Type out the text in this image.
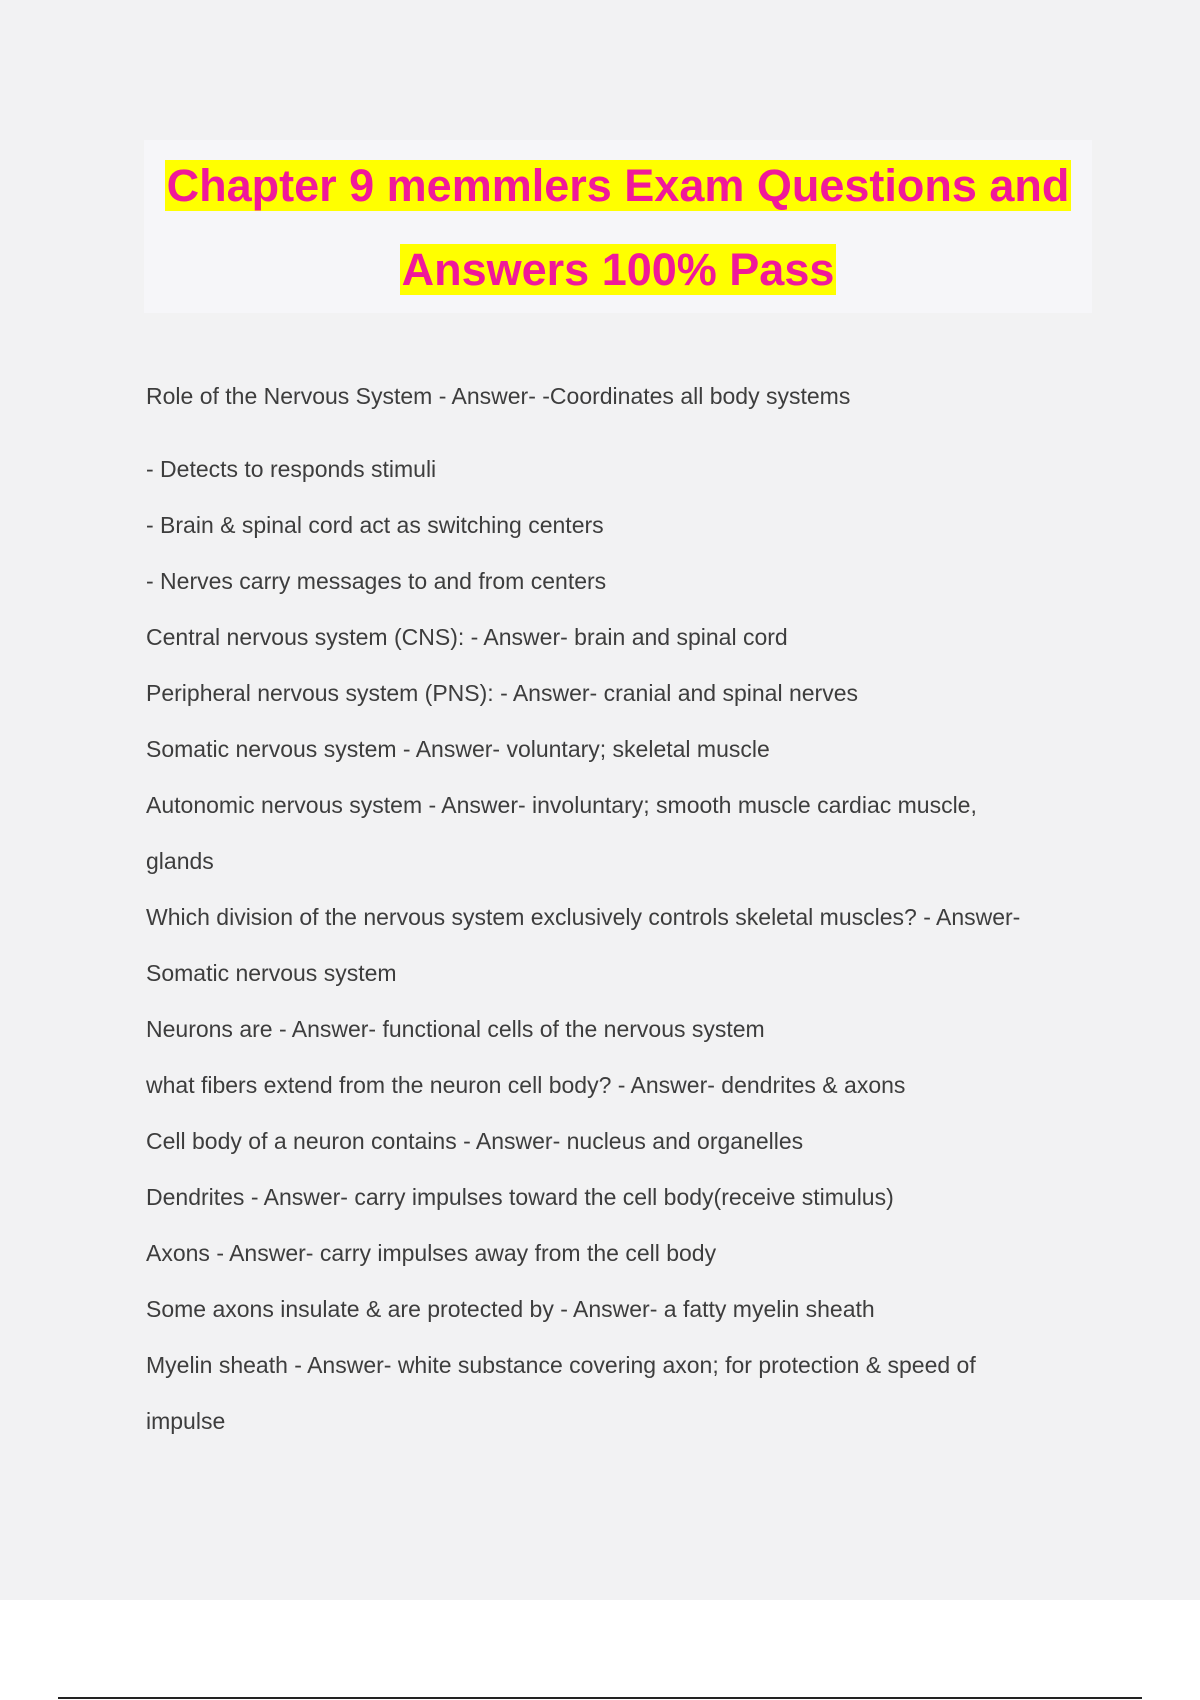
Chapter 9 memmlers Exam Questions and
Answers 100% Pass
Role of the Nervous System - Answer- -Coordinates all body systems
- Detects to responds stimuli
- Brain & spinal cord act as switching centers
- Nerves carry messages to and from centers
Central nervous system (CNS): - Answer- brain and spinal cord
Peripheral nervous system (PNS): - Answer- cranial and spinal nerves
Somatic nervous system - Answer- voluntary; skeletal muscle
Autonomic nervous system - Answer- involuntary; smooth muscle cardiac muscle,
glands
Which division of the nervous system exclusively controls skeletal muscles? - Answer-
Somatic nervous system
Neurons are - Answer- functional cells of the nervous system
what fibers extend from the neuron cell body? - Answer- dendrites & axons
Cell body of a neuron contains - Answer- nucleus and organelles
Dendrites - Answer- carry impulses toward the cell body(receive stimulus)
Axons - Answer- carry impulses away from the cell body
Some axons insulate & are protected by - Answer- a fatty myelin sheath
Myelin sheath - Answer- white substance covering axon; for protection & speed of
impulse
